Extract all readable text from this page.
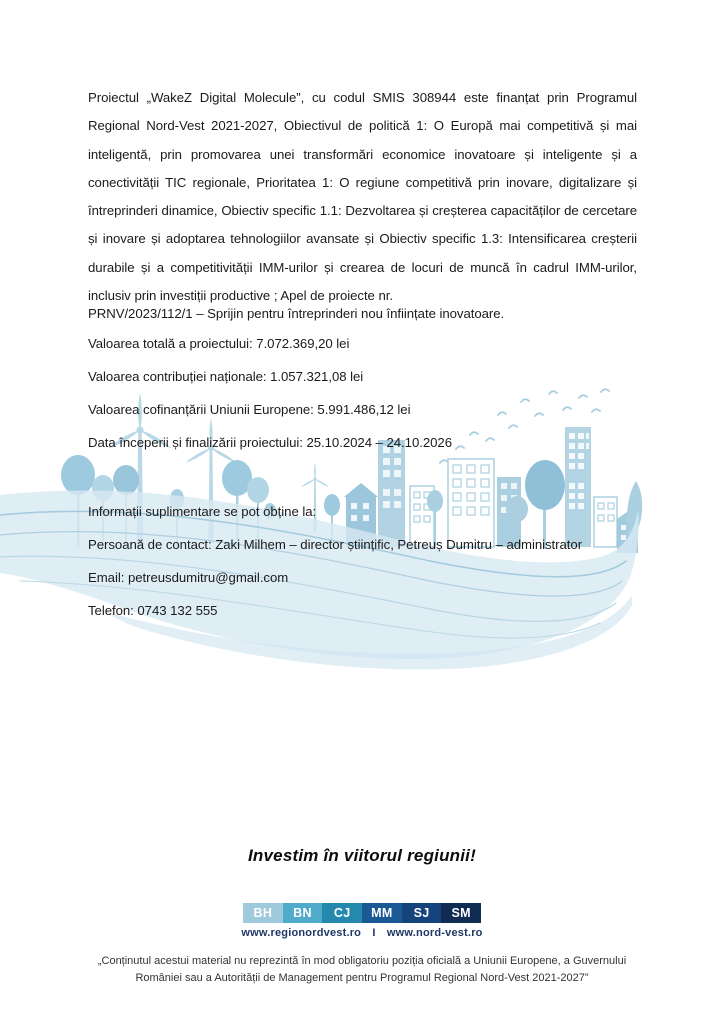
Proiectul „WakeZ Digital Molecule”, cu codul SMIS 308944 este finanțat prin Programul Regional Nord-Vest 2021-2027, Obiectivul de politică 1: O Europă mai competitivă și mai inteligentă, prin promovarea unei transformări economice inovatoare și inteligente și a conectivității TIC regionale, Prioritatea 1: O regiune competitivă prin inovare, digitalizare și întreprinderi dinamice, Obiectiv specific 1.1: Dezvoltarea și creșterea capacităților de cercetare și inovare și adoptarea tehnologiilor avansate și Obiectiv specific 1.3: Intensificarea creșterii durabile și a competitivității IMM-urilor și crearea de locuri de muncă în cadrul IMM-urilor, inclusiv prin investiții productive ; Apel de proiecte nr.

PRNV/2023/112/1 – Sprijin pentru întreprinderi nou înființate inovatoare.

Valoarea totală a proiectului: 7.072.369,20 lei

Valoarea contribuției naționale: 1.057.321,08 lei

Valoarea cofinanțării Uniunii Europene: 5.991.486,12 lei

Data începerii și finalizării proiectului: 25.10.2024 – 24.10.2026

Informații suplimentare se pot obține la:

Persoană de contact: Zaki Milhem – director științific, Petreuș Dumitru – administrator

Email: petreusdumitru@gmail.com

Telefon: 0743 132 555

Investim în viitorul regiunii!
BH	BN	CJ	MM	SJ	SM
www.regionordvest.ro I www.nord-vest.ro
„Conținutul acestui material nu reprezintă în mod obligatoriu poziția oficială a Uniunii Europene, a Guvernului
României sau a Autorității de Management pentru Programul Regional Nord-Vest 2021-2027”
